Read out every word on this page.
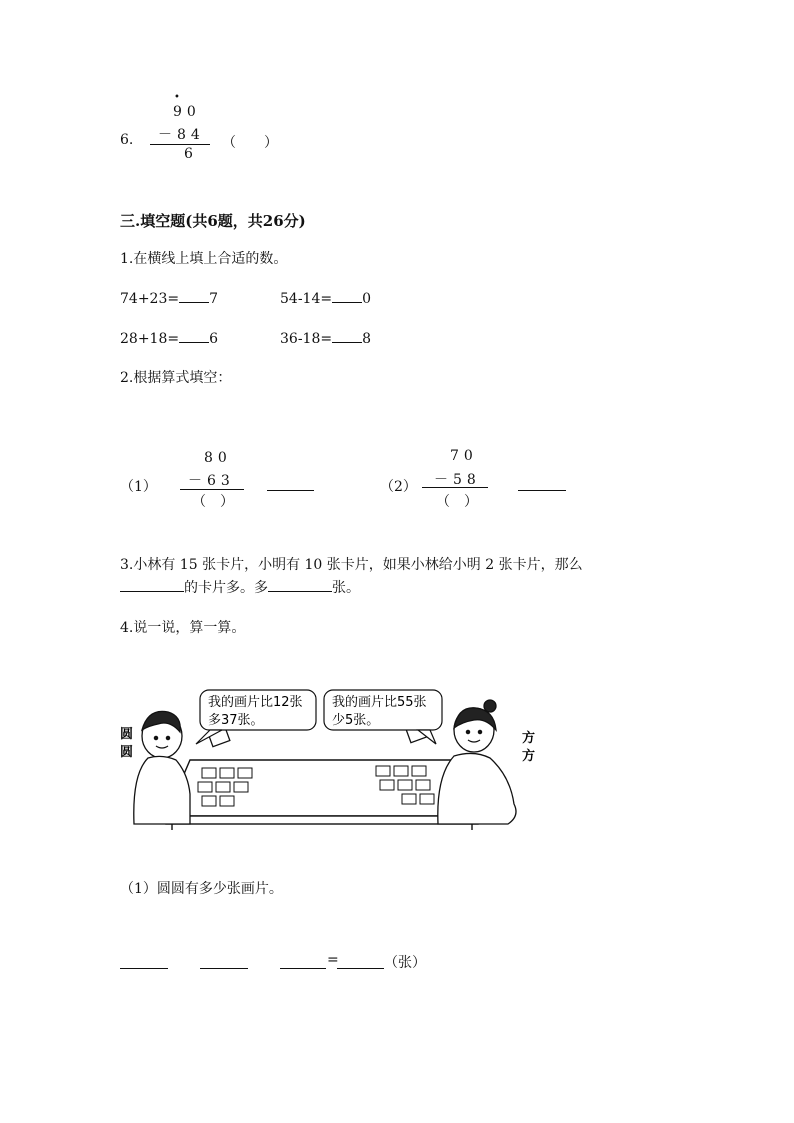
•
90
6. －84
6
（　　）
三.填空题(共6题，共26分)
1.在横线上填上合适的数。
74+23= 7	54-14= 0
28+18= 6	36-18= 8
2.根据算式填空：
（1）
80
－63
（　）
（2）
70
－58
（　）
3.小林有 15 张卡片，小明有 10 张卡片，如果小林给小明 2 张卡片，那么
的卡片多。多	张。
4.说一说，算一算。
我的画片比12张
多37张。
我的画片比55张
少5张。
圆
圆
方
方
（1）圆圆有多少张画片。
=	（张）
